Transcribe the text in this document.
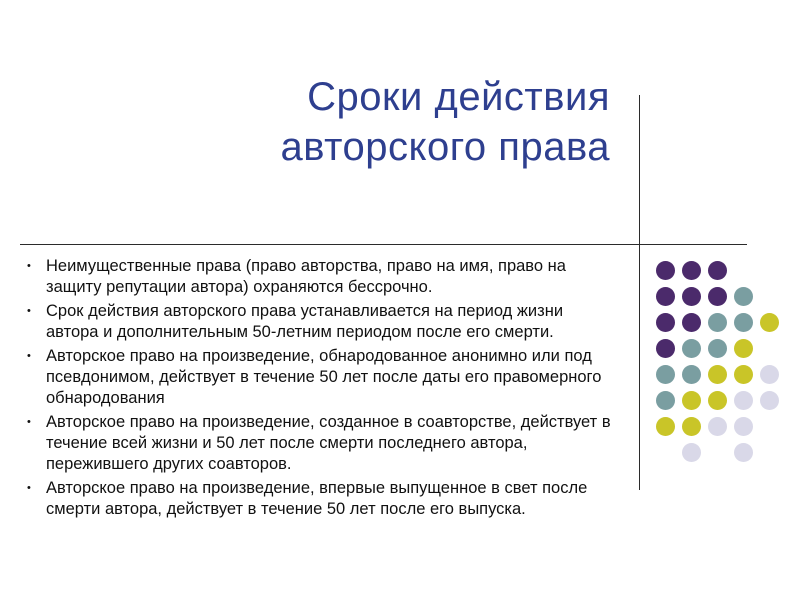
Сроки действия
авторского права
• Неимущественные права (право авторства, право на имя, право на защиту репутации автора) охраняются бессрочно.
• Срок действия авторского права устанавливается на период жизни автора и дополнительным 50-летним периодом после его смерти.
• Авторское право на произведение, обнародованное анонимно или под псевдонимом, действует в течение 50 лет после даты его правомерного обнародования
• Авторское право на произведение, созданное в соавторстве, действует в течение всей жизни и 50 лет после смерти последнего автора, пережившего других соавторов.
• Авторское право на произведение, впервые выпущенное в свет после смерти автора, действует в течение 50 лет после его выпуска.
